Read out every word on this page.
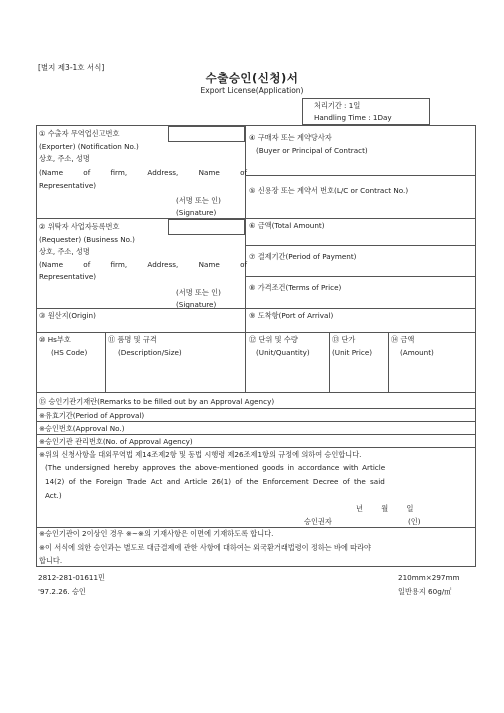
[별지 제3-1호 서식]
수출승인(신청)서
Export License(Application)
처리기간 : 1일
Handling Time : 1Day
① 수출자 무역업신고번호
(Exporter) (Notification No.)
상호, 주소, 성명
(Name of firm, Address, Name of
Representative)
(서명 또는 인)
(Signature)
④ 구매자 또는 계약당사자
(Buyer or Principal of Contract)
⑤ 신용장 또는 계약서 번호(L/C or Contract No.)
② 위탁자 사업자등록번호
(Requester) (Business No.)
상호, 주소, 성명
(Name of firm, Address, Name of
Representative)
(서명 또는 인)
(Signature)
⑥ 금액(Total Amount)
⑦ 결제기간(Period of Payment)
⑧ 가격조건(Terms of Price)
③ 원산지(Origin)	⑨ 도착항(Port of Arrival)
⑩ Hs부호
(HS Code)
⑪ 품명 및 규격
(Description/Size)
⑫ 단위 및 수량
(Unit/Quantity)
⑬ 단가
(Unit Price)
⑭ 금액
(Amount)
⑮ 승인기관기재란(Remarks to be filled out by an Approval Agency)
※유효기간(Period of Approval)
※승인번호(Approval No.)
※승인기관 관리번호(No. of Approval Agency)
※위의 신청사항을 대외무역법 제14조제2항 및 동법 시행령 제26조제1항의 규정에 의하여 승인합니다.
(The undersigned hereby approves the above-mentioned goods in accordance with Article
14(2) of the Foreign Trade Act and Article 26(1) of the Enforcement Decree of the said
Act.)
년 월 일
승인권자	(인)
※승인기관이 2이상인 경우 ※~※의 기재사항은 이면에 기재하도록 합니다.
※이 서식에 의한 승인과는 별도로 대금결제에 관한 사항에 대하여는 외국환거래법령이 정하는 바에 따라야
합니다.
2812-281-01611민	210mm×297mm
'97.2.26. 승인	일반용지 60g/㎡
